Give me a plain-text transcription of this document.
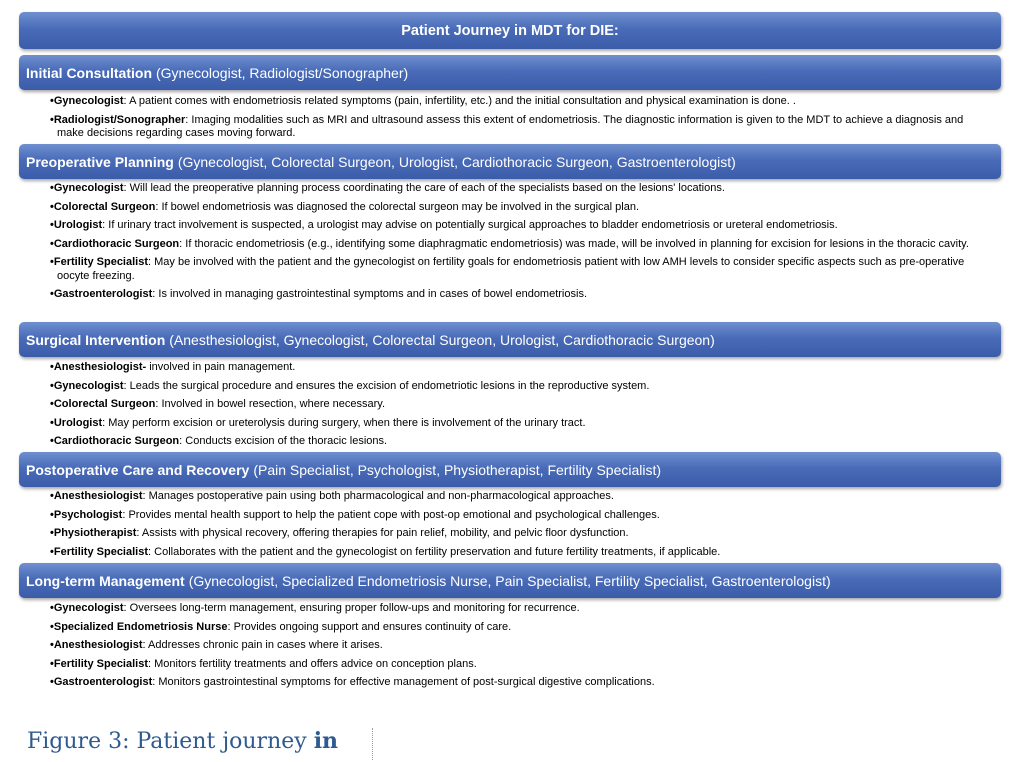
Patient Journey in MDT for DIE:
Initial Consultation (Gynecologist, Radiologist/Sonographer)
• Gynecologist: A patient comes with endometriosis related symptoms (pain, infertility, etc.) and the initial consultation and physical examination is done. .
• Radiologist/Sonographer: Imaging modalities such as MRI and ultrasound assess this extent of endometriosis. The diagnostic information is given to the MDT to achieve a diagnosis and make decisions regarding cases moving forward.
Preoperative Planning (Gynecologist, Colorectal Surgeon, Urologist, Cardiothoracic Surgeon, Gastroenterologist)
• Gynecologist: Will lead the preoperative planning process coordinating the care of each of the specialists based on the lesions' locations.
• Colorectal Surgeon: If bowel endometriosis was diagnosed the colorectal surgeon may be involved in the surgical plan.
• Urologist: If urinary tract involvement is suspected, a urologist may advise on potentially surgical approaches to bladder endometriosis or ureteral endometriosis.
• Cardiothoracic Surgeon: If thoracic endometriosis (e.g., identifying some diaphragmatic endometriosis) was made, will be involved in planning for excision for lesions in the thoracic cavity.
• Fertility Specialist: May be involved with the patient and the gynecologist on fertility goals for endometriosis patient with low AMH levels to consider specific aspects such as pre-operative oocyte freezing.
• Gastroenterologist: Is involved in managing gastrointestinal symptoms and in cases of bowel endometriosis.
Surgical Intervention (Anesthesiologist, Gynecologist, Colorectal Surgeon, Urologist, Cardiothoracic Surgeon)
• Anesthesiologist- involved in pain management.
• Gynecologist: Leads the surgical procedure and ensures the excision of endometriotic lesions in the reproductive system.
• Colorectal Surgeon: Involved in bowel resection, where necessary.
• Urologist: May perform excision or ureterolysis during surgery, when there is involvement of the urinary tract.
• Cardiothoracic Surgeon: Conducts excision of the thoracic lesions.
Postoperative Care and Recovery (Pain Specialist, Psychologist, Physiotherapist, Fertility Specialist)
• Anesthesiologist: Manages postoperative pain using both pharmacological and non-pharmacological approaches.
• Psychologist: Provides mental health support to help the patient cope with post-op emotional and psychological challenges.
• Physiotherapist: Assists with physical recovery, offering therapies for pain relief, mobility, and pelvic floor dysfunction.
• Fertility Specialist: Collaborates with the patient and the gynecologist on fertility preservation and future fertility treatments, if applicable.
Long-term Management (Gynecologist, Specialized Endometriosis Nurse, Pain Specialist, Fertility Specialist, Gastroenterologist)
• Gynecologist: Oversees long-term management, ensuring proper follow-ups and monitoring for recurrence.
• Specialized Endometriosis Nurse: Provides ongoing support and ensures continuity of care.
• Anesthesiologist: Addresses chronic pain in cases where it arises.
• Fertility Specialist: Monitors fertility treatments and offers advice on conception plans.
• Gastroenterologist: Monitors gastrointestinal symptoms for effective management of post-surgical digestive complications.
Figure 3: Patient journey in
